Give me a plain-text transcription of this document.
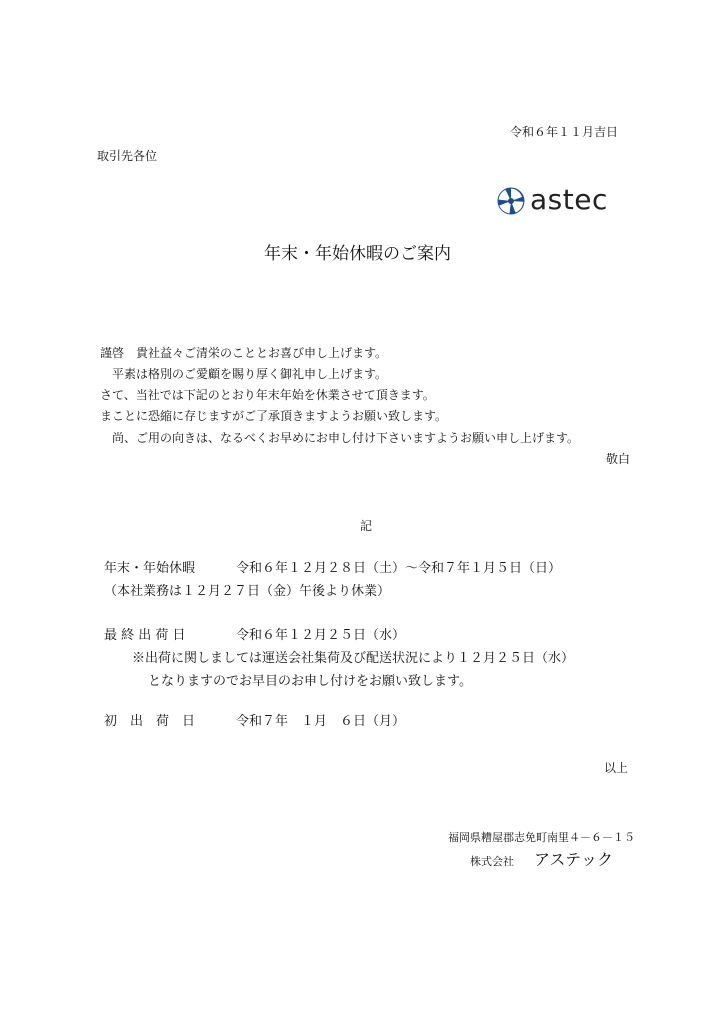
令和６年１１月吉日
取引先各位
astec
年末・年始休暇のご案内
謹啓　貴社益々ご清栄のこととお喜び申し上げます。
　平素は格別のご愛顧を賜り厚く御礼申し上げます。
さて、当社では下記のとおり年末年始を休業させて頂きます。
まことに恐縮に存じますがご了承頂きますようお願い致します。
　尚、ご用の向きは、なるべくお早めにお申し付け下さいますようお願い申し上げます。
敬白
記
年末・年始休暇	令和６年１２月２８日（土）～令和７年１月５日（日）
（本社業務は１２月２７日（金）午後より休業）
最 終 出 荷 日	令和６年１２月２５日（水）
※出荷に関しましては運送会社集荷及び配送状況により１２月２５日（水）
となりますのでお早目のお申し付けをお願い致します。
初　出　荷　日	令和７年　１月　６日（月）
以上
福岡県糟屋郡志免町南里４－６－１５
株式会社 アステック
